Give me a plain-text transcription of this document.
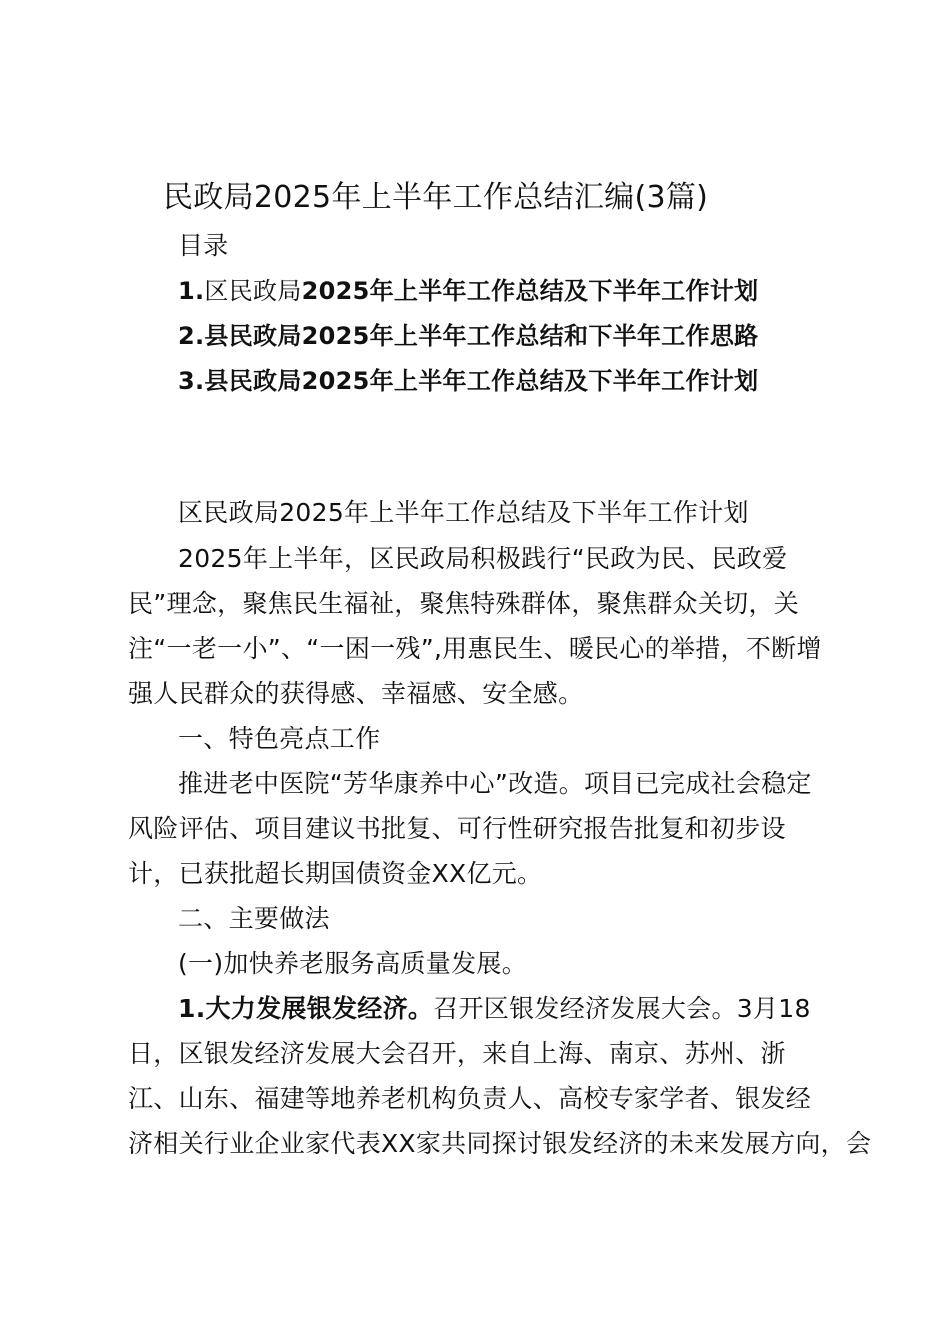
民政局2025年上半年工作总结汇编(3篇)
目录
1.区民政局2025年上半年工作总结及下半年工作计划
2.县民政局2025年上半年工作总结和下半年工作思路
3.县民政局2025年上半年工作总结及下半年工作计划
区民政局2025年上半年工作总结及下半年工作计划
2025年上半年，区民政局积极践行“民政为民、民政爱
民”理念，聚焦民生福祉，聚焦特殊群体，聚焦群众关切，关
注“一老一小”、“一困一残”,用惠民生、暖民心的举措，不断增
强人民群众的获得感、幸福感、安全感。
一、特色亮点工作
推进老中医院“芳华康养中心”改造。项目已完成社会稳定
风险评估、项目建议书批复、可行性研究报告批复和初步设
计，已获批超长期国债资金XX亿元。
二、主要做法
(一)加快养老服务高质量发展。
1.大力发展银发经济。召开区银发经济发展大会。3月18
日，区银发经济发展大会召开，来自上海、南京、苏州、浙
江、山东、福建等地养老机构负责人、高校专家学者、银发经
济相关行业企业家代表XX家共同探讨银发经济的未来发展方向，会
